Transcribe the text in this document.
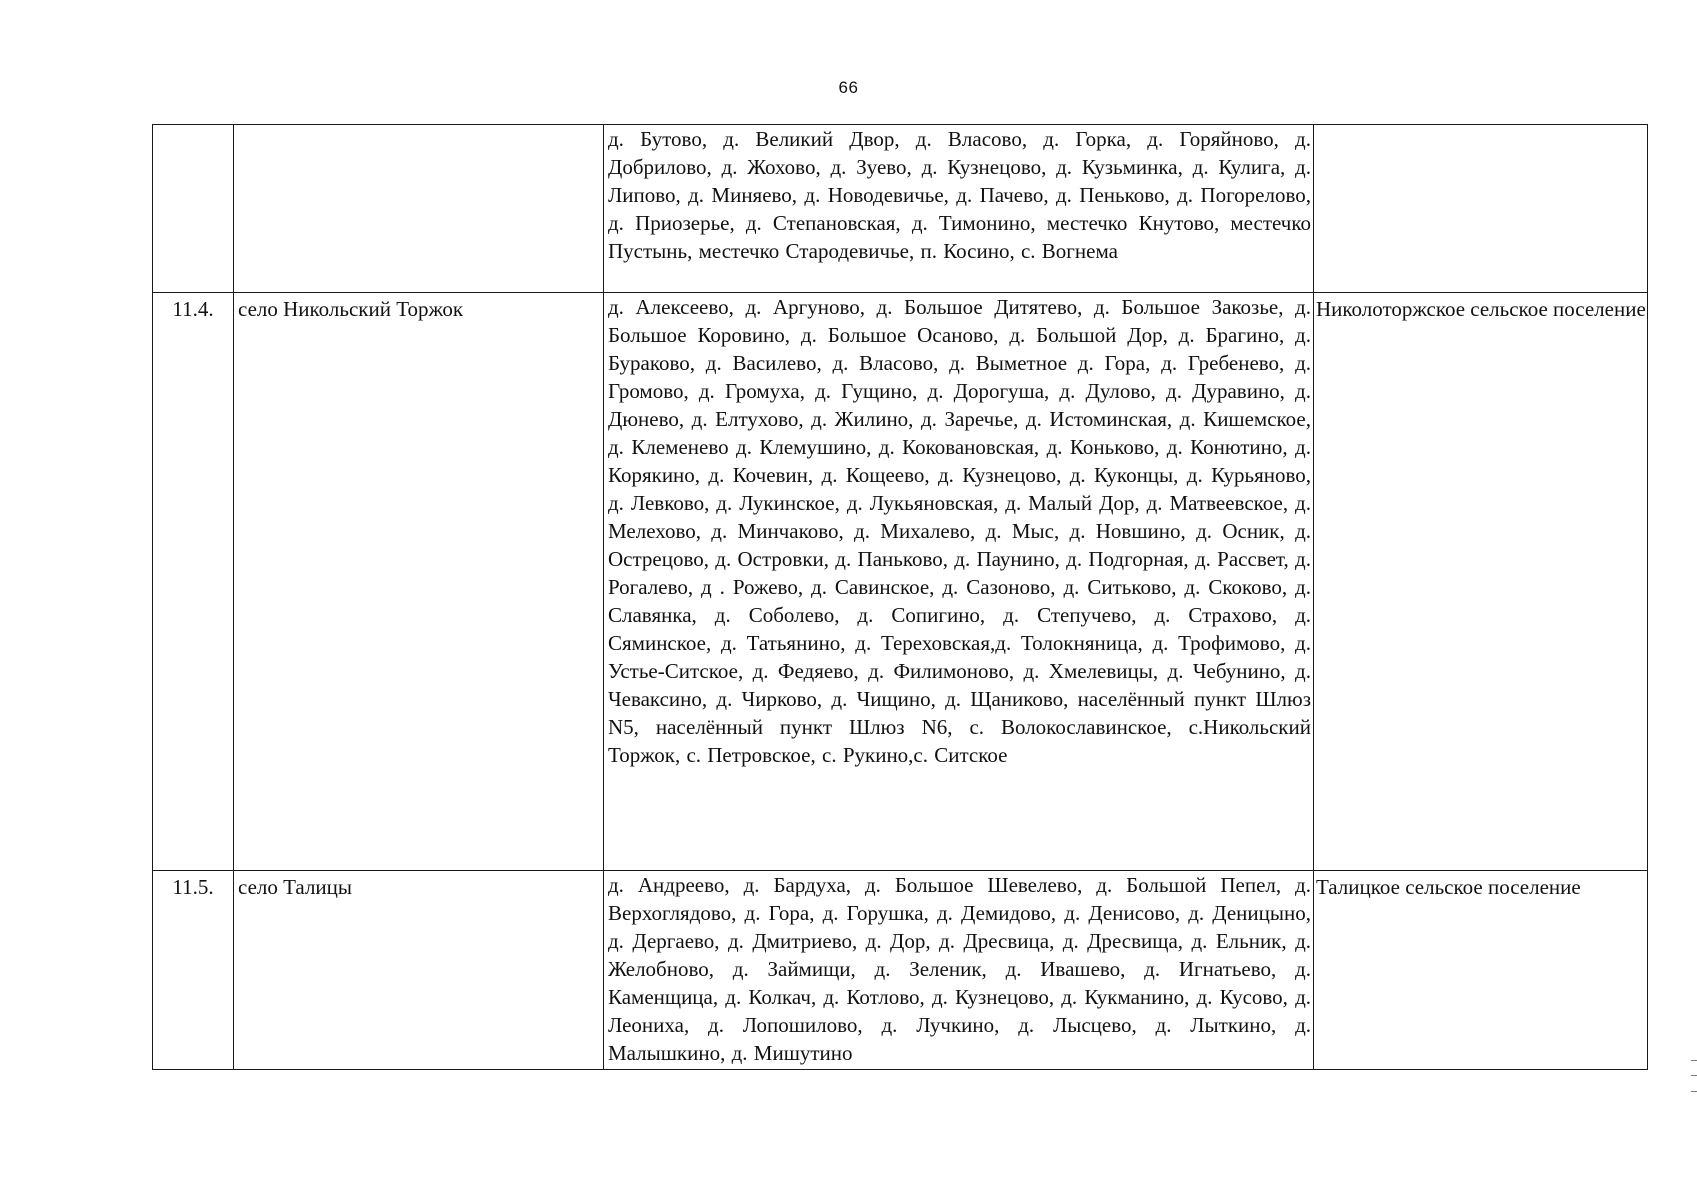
66
		д. Бутово, д. Великий Двор, д. Власово, д. Горка, д. Горяйново, д. Добрилово, д. Жохово, д. Зуево, д. Кузнецово, д. Кузьминка, д. Кулига, д. Липово, д. Миняево, д. Новодевичье, д. Пачево, д. Пеньково, д. Погорелово, д. Приозерье, д. Степановская, д. Тимонино, местечко Кнутово, местечко Пустынь, местечко Стародевичье, п. Косино, с. Вогнема	
11.4.	село Никольский Торжок	д. Алексеево, д. Аргуново, д. Большое Дитятево, д. Большое Закозье, д. Большое Коровино, д. Большое Осаново, д. Большой Дор, д. Брагино, д. Бураково, д. Василево, д. Власово, д. Выметное д. Гора, д. Гребенево, д. Громово, д. Громуха, д. Гущино, д. Дорогуша, д. Дулово, д. Дуравино, д. Дюнево, д. Елтухово, д. Жилино, д. Заречье, д. Истоминская, д. Кишемское, д. Клеменево д. Клемушино, д. Коковановская, д. Коньково, д. Конютино, д. Корякино, д. Кочевин, д. Кощеево, д. Кузнецово, д. Куконцы, д. Курьяново, д. Левково, д. Лукинское, д. Лукьяновская, д. Малый Дор, д. Матвеевское, д. Мелехово, д. Минчаково, д. Михалево, д. Мыс, д. Новшино, д. Осник, д. Острецово, д. Островки, д. Паньково, д. Паунино, д. Подгорная, д. Рассвет, д. Рогалево, д . Рожево, д. Савинское, д. Сазоново, д. Ситьково, д. Скоково, д. Славянка, д. Соболево, д. Сопигино, д. Степучево, д. Страхово, д. Сяминское, д. Татьянино, д. Тереховская,д. Толокняница, д. Трофимово, д. Устье-Ситское, д. Федяево, д. Филимоново, д. Хмелевицы, д. Чебунино, д. Чеваксино, д. Чирково, д. Чищино, д. Щаниково, населённый пункт Шлюз N5, населённый пункт Шлюз N6, с. Волокославинское, с.Никольский Торжок, с. Петровское, с. Рукино,с. Ситское	Николоторжское сельское поселение
11.5.	село Талицы	д. Андреево, д. Бардуха, д. Большое Шевелево, д. Большой Пепел, д. Верхоглядово, д. Гора, д. Горушка, д. Демидово, д. Денисово, д. Деницыно, д. Дергаево, д. Дмитриево, д. Дор, д. Дресвица, д. Дресвища, д. Ельник, д. Желобново, д. Займищи, д. Зеленик, д. Ивашево, д. Игнатьево, д. Каменщица, д. Колкач, д. Котлово, д. Кузнецово, д. Кукманино, д. Кусово, д. Леониха, д. Лопошилово, д. Лучкино, д. Лысцево, д. Лыткино, д. Малышкино, д. Мишутино	Талицкое сельское поселение
